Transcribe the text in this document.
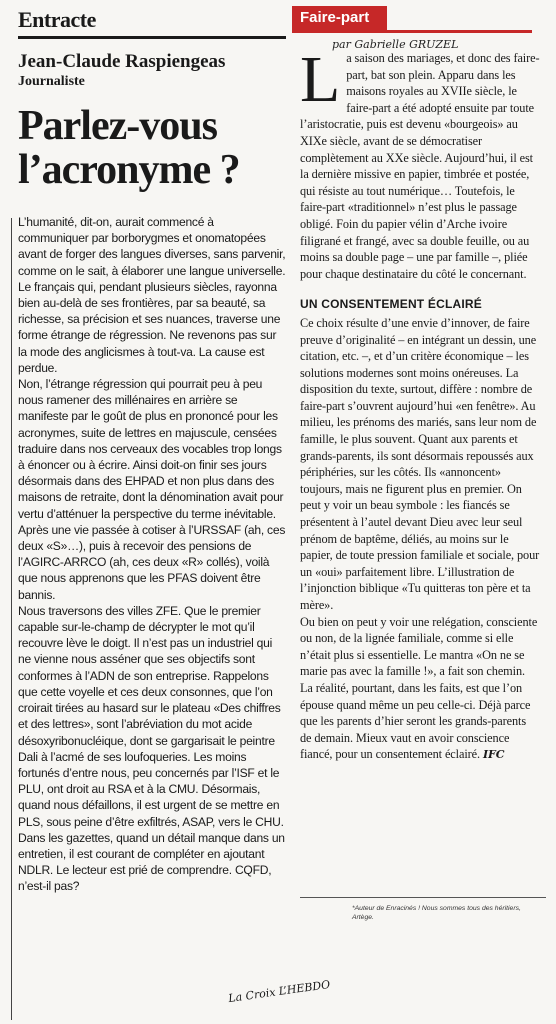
Entracte
Jean-Claude Raspiengeas
Journaliste
Parlez-vous
l’acronyme ?

L’humanité, dit-on, aurait commencé à communiquer par borborygmes et onomatopées avant de forger des langues diverses, sans parvenir, comme on le sait, à élaborer une langue universelle. Le français qui, pendant plusieurs siècles, rayonna bien au-delà de ses frontières, par sa beauté, sa richesse, sa précision et ses nuances, traverse une forme étrange de régression. Ne revenons pas sur la mode des anglicismes à tout-va. La cause est perdue.

Non, l’étrange régression qui pourrait peu à peu nous ramener des millénaires en arrière se manifeste par le goût de plus en prononcé pour les acronymes, suite de lettres en majuscule, censées traduire dans nos cerveaux des vocables trop longs à énoncer ou à écrire. Ainsi doit-on finir ses jours désormais dans des EHPAD et non plus dans des maisons de retraite, dont la dénomination avait pour vertu d’atténuer la perspective du terme inévitable. Après une vie passée à cotiser à l’URSSAF (ah, ces deux «S»…), puis à recevoir des pensions de l’AGIRC-ARRCO (ah, ces deux «R» collés), voilà que nous apprenons que les PFAS doivent être bannis.

Nous traversons des villes ZFE. Que le premier capable sur-le-champ de décrypter le mot qu’il recouvre lève le doigt. Il n’est pas un industriel qui ne vienne nous asséner que ses objectifs sont conformes à l’ADN de son entreprise. Rappelons que cette voyelle et ces deux consonnes, que l’on croirait tirées au hasard sur le plateau «Des chiffres et des lettres», sont l’abréviation du mot acide désoxyribonucléique, dont se gargarisait le peintre Dali à l’acmé de ses loufoqueries. Les moins fortunés d’entre nous, peu concernés par l’ISF et le PLU, ont droit au RSA et à la CMU. Désormais, quand nous défaillons, il est urgent de se mettre en PLS, sous peine d’être exfiltrés, ASAP, vers le CHU.

Dans les gazettes, quand un détail manque dans un entretien, il est courant de compléter en ajoutant NDLR. Le lecteur est prié de comprendre. CQFD, n’est-il pas?

La Croix L’HEBDO
Faire-part
par Gabrielle GRUZEL

L a saison des mariages, et donc des faire-part, bat son plein. Apparu dans les maisons royales au XVIIe siècle, le faire-part a été adopté ensuite par toute l’aristocratie, puis est devenu «bourgeois» au XIXe siècle, avant de se démocratiser complètement au XXe siècle. Aujourd’hui, il est la dernière missive en papier, timbrée et postée, qui résiste au tout numérique… Toutefois, le faire-part «traditionnel» n’est plus le passage obligé. Foin du papier vélin d’Arche ivoire filigrané et frangé, avec sa double feuille, ou au moins sa double page – une par famille –, pliée pour chaque destinataire du côté le concernant.

UN CONSENTEMENT ÉCLAIRÉ

Ce choix résulte d’une envie d’innover, de faire preuve d’originalité – en intégrant un dessin, une citation, etc. –, et d’un critère économique – les solutions modernes sont moins onéreuses. La disposition du texte, surtout, diffère : nombre de faire-part s’ouvrent aujourd’hui «en fenêtre». Au milieu, les prénoms des mariés, sans leur nom de famille, le plus souvent. Quant aux parents et grands-parents, ils sont désormais repoussés aux périphéries, sur les côtés. Ils «annoncent» toujours, mais ne figurent plus en premier. On peut y voir un beau symbole : les fiancés se présentent à l’autel devant Dieu avec leur seul prénom de baptême, déliés, au moins sur le papier, de toute pression familiale et sociale, pour un «oui» parfaitement libre. L’illustration de l’injonction biblique «Tu quitteras ton père et ta mère».

Ou bien on peut y voir une relégation, consciente ou non, de la lignée familiale, comme si elle n’était plus si essentielle. Le mantra «On ne se marie pas avec la famille !», a fait son chemin. La réalité, pourtant, dans les faits, est que l’on épouse quand même un peu celle-ci. Déjà parce que les parents d’hier seront les grands-parents de demain. Mieux vaut en avoir conscience fiancé, pour un consentement éclairé. IFC

*Auteur de Enracinés ! Nous sommes tous des héritiers, Artège.
